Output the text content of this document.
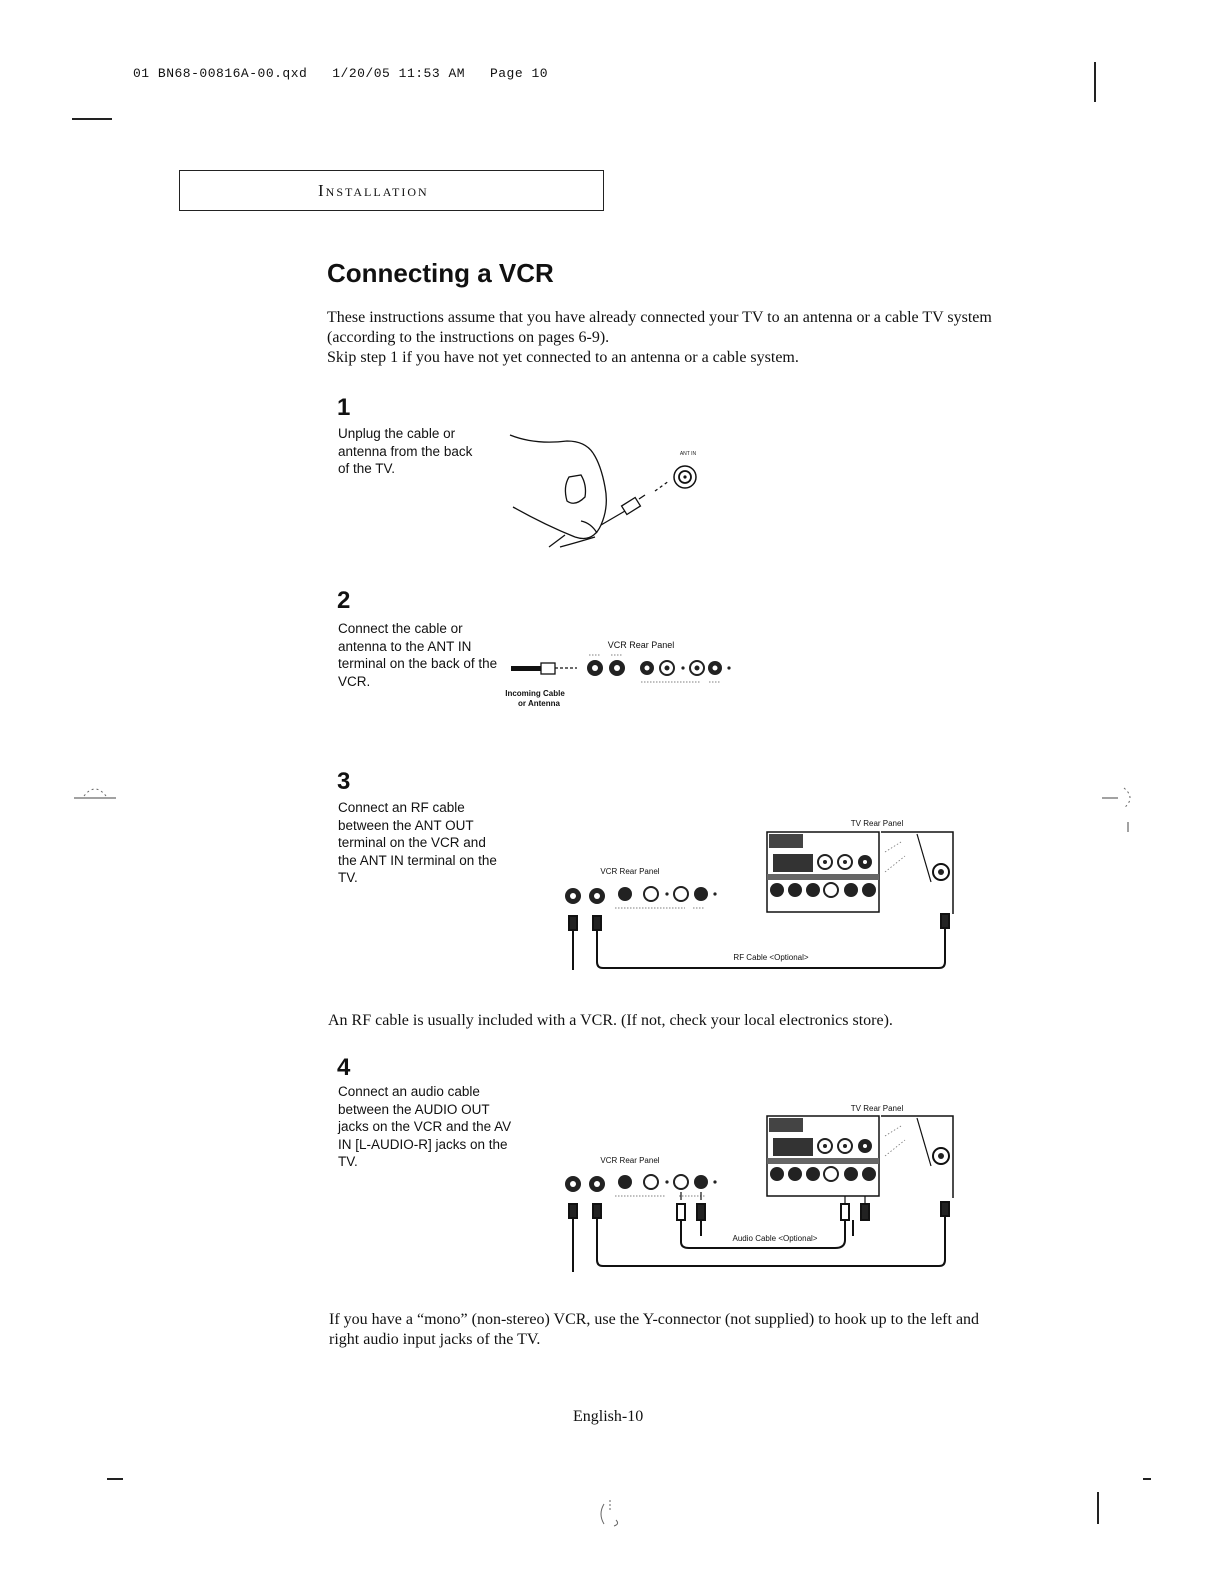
01 BN68-00816A-00.qxd   1/20/05 11:53 AM   Page 10
Installation
Connecting a VCR

These instructions assume that you have already connected your TV to an antenna or a cable TV system (according to the instructions on pages 6-9).

Skip step 1 if you have not yet connected to an antenna or a cable system.

1
Unplug the cable or antenna from the back of the TV.
ANT IN
2
Connect the cable or antenna to the ANT IN terminal on the back of the VCR.
VCR Rear Panel
Incoming Cable
or Antenna
3
Connect an RF cable between the ANT OUT terminal on the VCR and the ANT IN terminal on the TV.
TV Rear Panel
VCR Rear Panel
RF Cable <Optional>
An RF cable is usually included with a VCR. (If not, check your local electronics store).
4
Connect an audio cable between the AUDIO OUT jacks on the VCR and the AV IN [L-AUDIO-R] jacks on the TV.
TV Rear Panel
VCR Rear Panel
Audio Cable <Optional>
If you have a “mono” (non-stereo) VCR, use the Y-connector (not supplied) to hook up to the left and right audio input jacks of the TV.
English-10
